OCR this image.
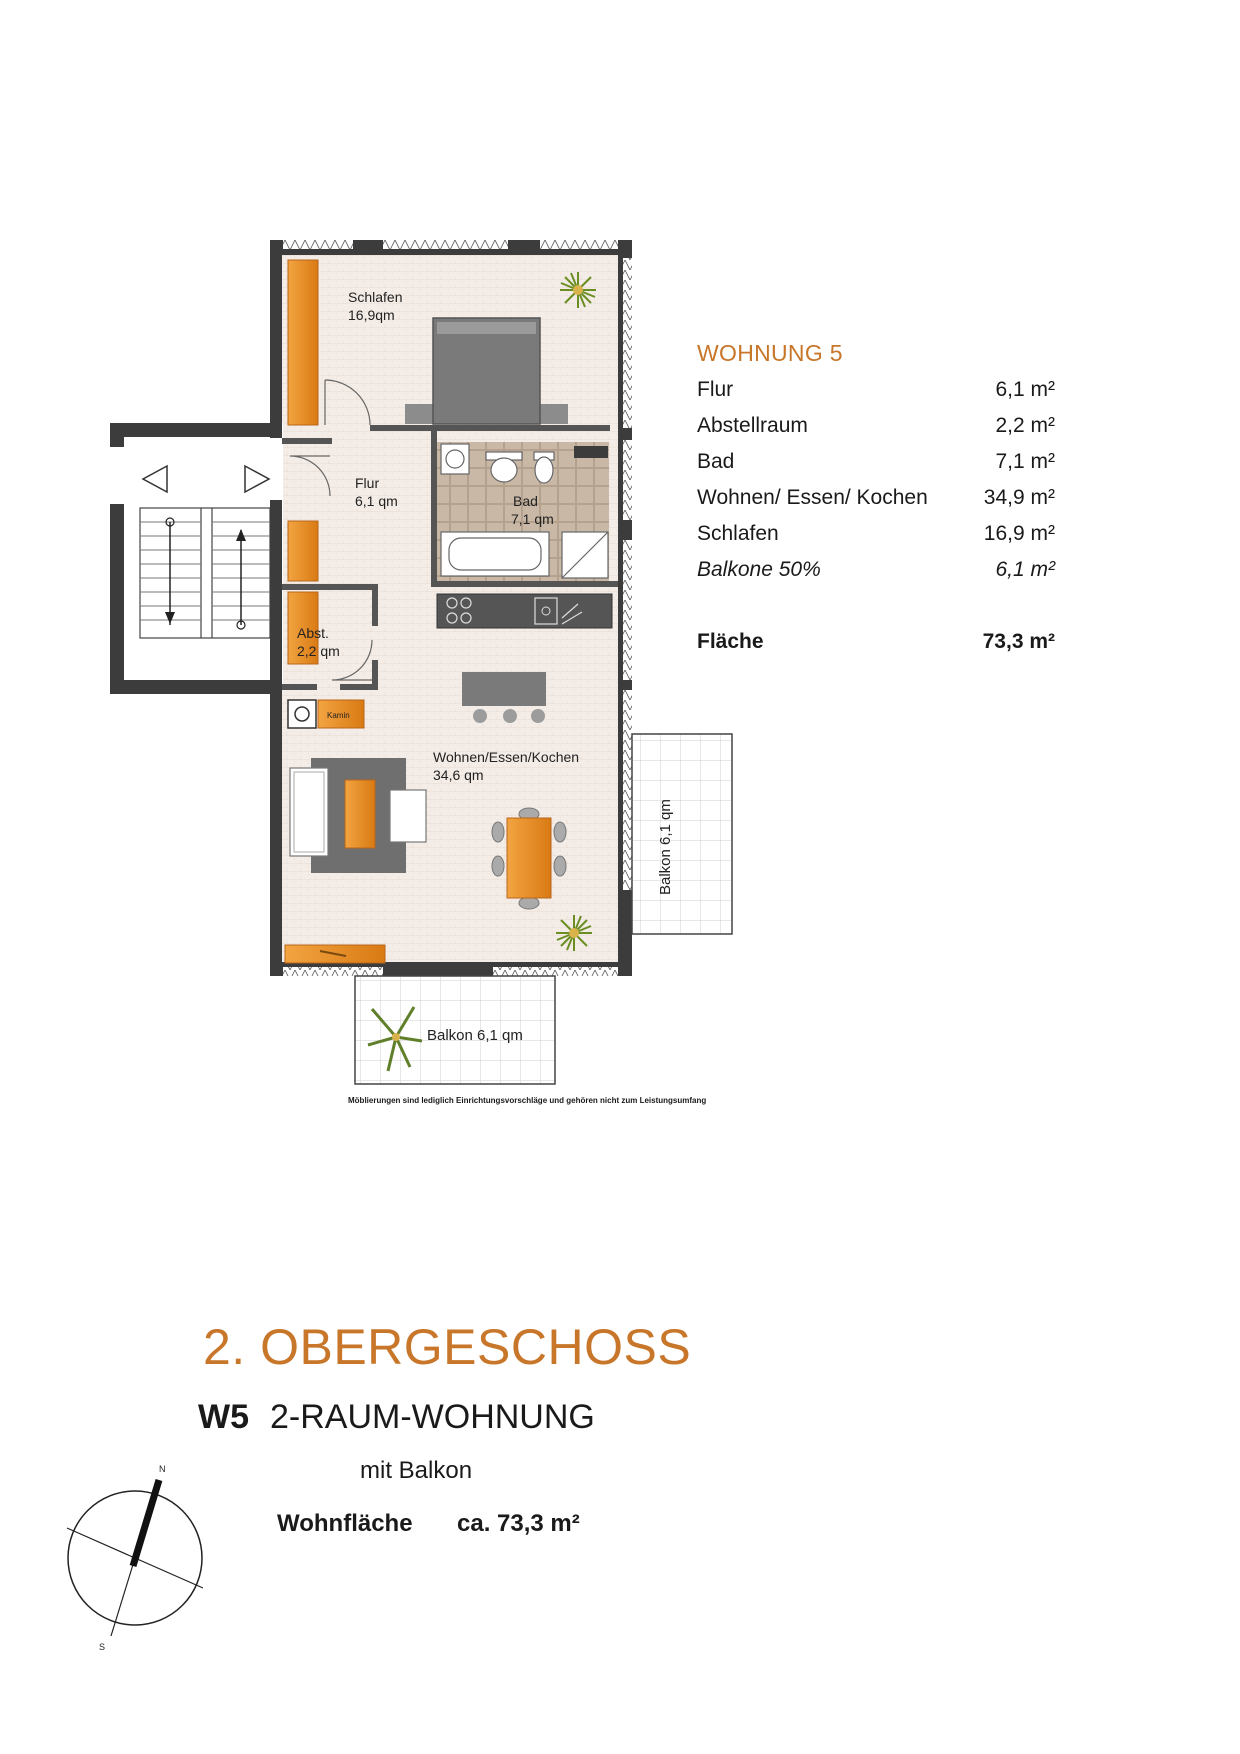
Schlafen
16,9qm
Flur
6,1 qm	Bad
7,1 qm
Abst.
2,2 qm
Wohnen/Essen/Kochen
34,6 qm
Kamin
Balkon 6,1 qm
Balkon 6,1 qm
N
S
Möblierungen sind lediglich Einrichtungsvorschläge und gehören nicht zum Leistungsumfang
WOHNUNG 5
Flur	6,1 m²
Abstellraum	2,2 m²
Bad	7,1 m²
Wohnen/ Essen/ Kochen	34,9 m²
Schlafen	16,9 m²
Balkone 50%	6,1 m²
Fläche	73,3 m²
2. OBERGESCHOSS
W5 2-RAUM-WOHNUNG
mit Balkon
Wohnfläche ca. 73,3 m²
